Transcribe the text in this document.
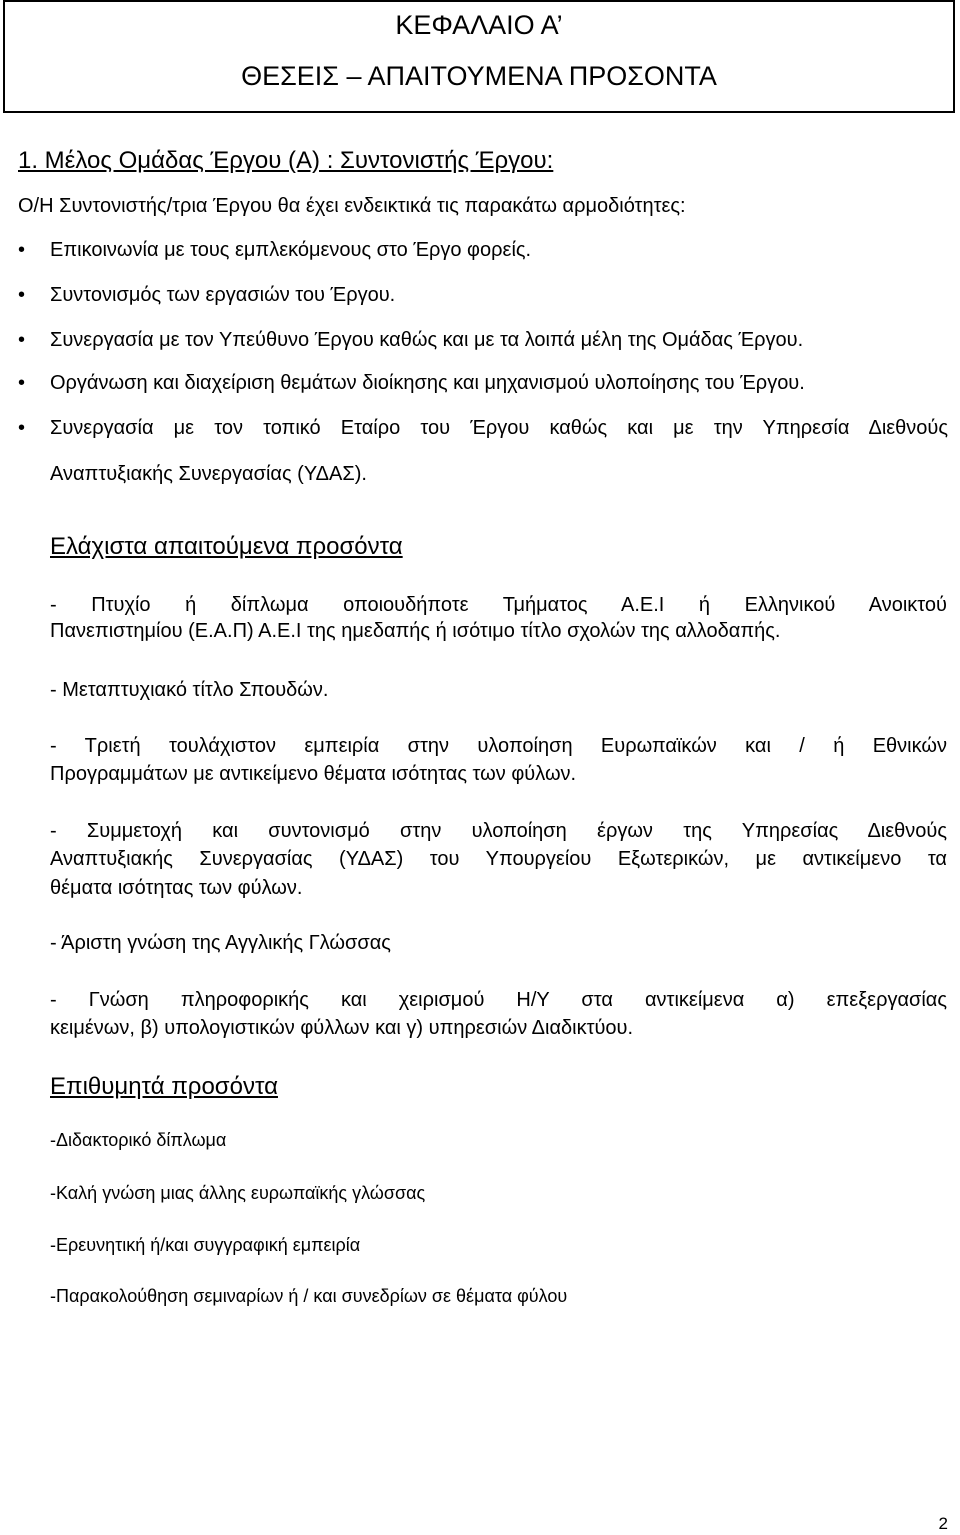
ΚΕΦΑΛΑΙΟ Α’
ΘΕΣΕΙΣ – ΑΠΑΙΤΟΥΜΕΝΑ ΠΡΟΣΟΝΤΑ
1. Μέλος Ομάδας Έργου (Α) : Συντονιστής Έργου:

Ο/Η Συντονιστής/τρια Έργου θα έχει ενδεικτικά τις παρακάτω αρμοδιότητες:

•	Επικοινωνία με τους εμπλεκόμενους στο Έργο φορείς.
•	Συντονισμός των εργασιών του Έργου.
•	Συνεργασία με τον Υπεύθυνο Έργου καθώς και με τα λοιπά μέλη της Ομάδας Έργου.
•	Οργάνωση και διαχείριση θεμάτων διοίκησης και μηχανισμού υλοποίησης του Έργου.
•	Συνεργασία με τον τοπικό Εταίρο του Έργου καθώς και με την Υπηρεσία Διεθνούς
Αναπτυξιακής Συνεργασίας (ΥΔΑΣ).
Ελάχιστα απαιτούμενα προσόντα
- Πτυχίο ή δίπλωμα οποιουδήποτε Τμήματος Α.Ε.Ι ή Ελληνικού Ανοικτού
Πανεπιστημίου (Ε.Α.Π) Α.Ε.Ι της ημεδαπής ή ισότιμο τίτλο σχολών της αλλοδαπής.
- Μεταπτυχιακό τίτλο Σπουδών.
- Τριετή τουλάχιστον εμπειρία στην υλοποίηση Ευρωπαϊκών και / ή Εθνικών
Προγραμμάτων με αντικείμενο θέματα ισότητας των φύλων.
- Συμμετοχή και συντονισμό στην υλοποίηση έργων της Υπηρεσίας Διεθνούς
Αναπτυξιακής Συνεργασίας (ΥΔΑΣ) του Υπουργείου Εξωτερικών, με αντικείμενο τα
θέματα ισότητας των φύλων.
- Άριστη γνώση της Αγγλικής Γλώσσας
- Γνώση πληροφορικής και χειρισμού Η/Υ στα αντικείμενα α) επεξεργασίας
κειμένων, β) υπολογιστικών φύλλων και γ) υπηρεσιών Διαδικτύου.
Επιθυμητά προσόντα

-Διδακτορικό δίπλωμα

-Καλή γνώση μιας άλλης ευρωπαϊκής γλώσσας

-Ερευνητική ή/και συγγραφική εμπειρία

-Παρακολούθηση σεμιναρίων ή / και συνεδρίων σε θέματα φύλου

2
